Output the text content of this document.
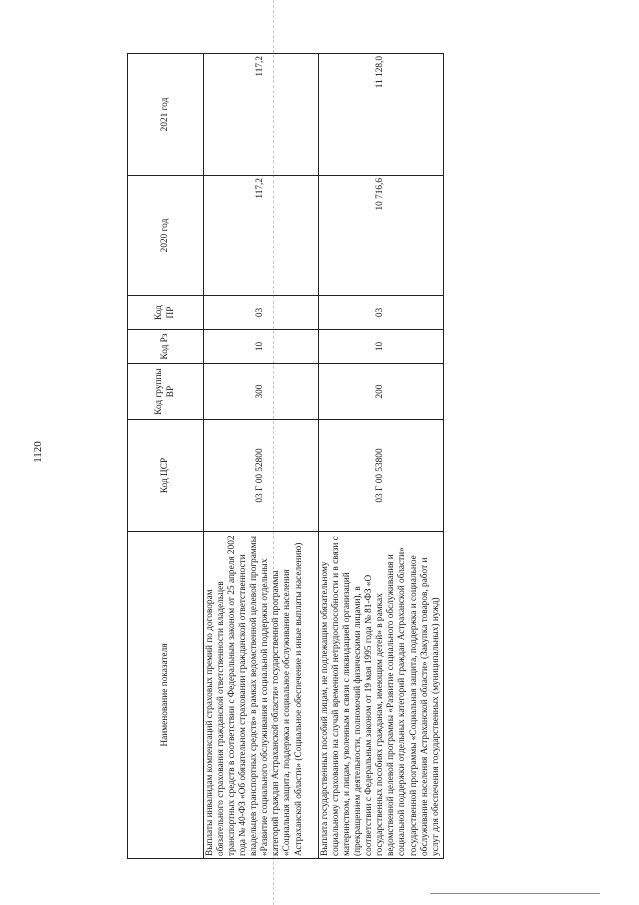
1120
Наименование показателя	Код ЦСР	Код группы ВР	Код Рз	Код ПР	2020 год	2021 год
Выплаты инвалидам компенсаций страховых премий по договорам обязательного страхования гражданской ответственности владельцев транспортных средств в соответствии с Федеральным законом от 25 апреля 2002 года № 40-ФЗ «Об обязательном страховании гражданской ответственности владельцев транспортных средств» в рамках ведомственной целевой программы «Развитие социального обслуживания и социальной поддержки отдельных категорий граждан Астраханской области» государственной программы «Социальная защита, поддержка и социальное обслуживание населения Астраханской области» (Социальное обеспечение и иные выплаты населению)	03 Г 00 52800	300	10	03	117,2	117,2
Выплата государственных пособий лицам, не подлежащим обязательному социальному страхованию на случай временной нетрудоспособности и в связи с материнством, и лицам, уволенным в связи с ликвидацией организаций (прекращением деятельности, полномочий физическими лицами), в соответствии с Федеральным законом от 19 мая 1995 года № 81-ФЗ «О государственных пособиях гражданам, имеющим детей» в рамках ведомственной целевой программы «Развитие социального обслуживания и социальной поддержки отдельных категорий граждан Астраханской области» государственной программы «Социальная защита, поддержка и социальное обслуживание населения Астраханской области» (Закупка товаров, работ и услуг для обеспечения государственных (муниципальных) нужд)	03 Г 00 53800	200	10	03	10 716,6	11 128,0
